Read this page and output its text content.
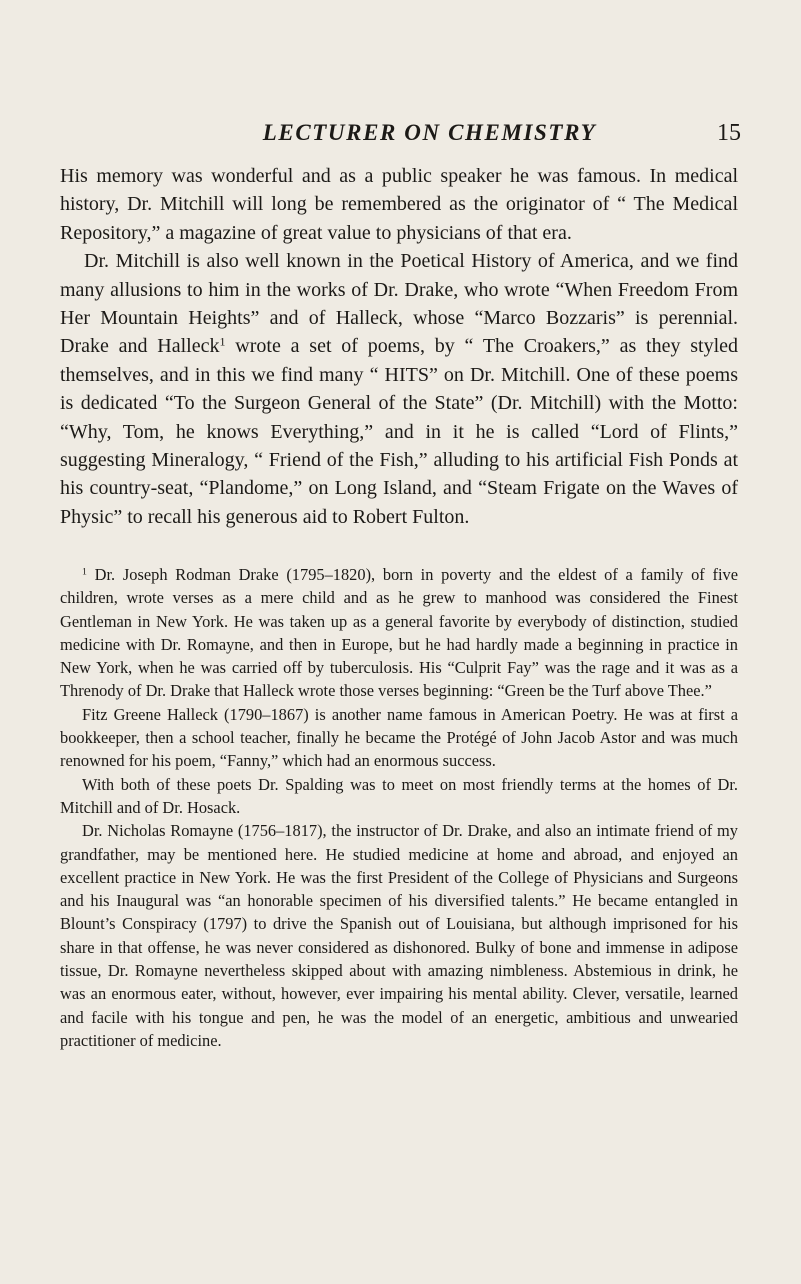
LECTURER ON CHEMISTRY	15

His memory was wonderful and as a public speaker he was famous. In medical history, Dr. Mitchill will long be remembered as the originator of “ The Medical Repository,” a magazine of great value to physicians of that era.

Dr. Mitchill is also well known in the Poetical History of America, and we find many allusions to him in the works of Dr. Drake, who wrote “When Freedom From Her Mountain Heights” and of Halleck, whose “Marco Bozzaris” is perennial. Drake and Halleck$^1$ wrote a set of poems, by “ The Croakers,” as they styled themselves, and in this we find many “ HITS” on Dr. Mitchill. One of these poems is dedicated “To the Surgeon General of the State” (Dr. Mitchill) with the Motto: “Why, Tom, he knows Everything,” and in it he is called “Lord of Flints,” suggesting Mineralogy, “ Friend of the Fish,” alluding to his artificial Fish Ponds at his country-seat, “Plandome,” on Long Island, and “Steam Frigate on the Waves of Physic” to recall his generous aid to Robert Fulton.

$^1$ Dr. Joseph Rodman Drake (1795–1820), born in poverty and the eldest of a family of five children, wrote verses as a mere child and as he grew to manhood was considered the Finest Gentleman in New York. He was taken up as a general favorite by everybody of distinction, studied medicine with Dr. Romayne, and then in Europe, but he had hardly made a beginning in practice in New York, when he was carried off by tuberculosis. His “Culprit Fay” was the rage and it was as a Threnody of Dr. Drake that Halleck wrote those verses beginning: “Green be the Turf above Thee.”

Fitz Greene Halleck (1790–1867) is another name famous in American Poetry. He was at first a bookkeeper, then a school teacher, finally he became the Protégé of John Jacob Astor and was much renowned for his poem, “Fanny,” which had an enormous success.

With both of these poets Dr. Spalding was to meet on most friendly terms at the homes of Dr. Mitchill and of Dr. Hosack.

Dr. Nicholas Romayne (1756–1817), the instructor of Dr. Drake, and also an intimate friend of my grandfather, may be mentioned here. He studied medicine at home and abroad, and enjoyed an excellent practice in New York. He was the first President of the College of Physicians and Surgeons and his Inaugural was “an honorable specimen of his diversified talents.” He became entangled in Blount’s Conspiracy (1797) to drive the Spanish out of Louisiana, but although imprisoned for his share in that offense, he was never considered as dishonored. Bulky of bone and immense in adipose tissue, Dr. Romayne nevertheless skipped about with amazing nimbleness. Abstemious in drink, he was an enormous eater, without, however, ever impairing his mental ability. Clever, versatile, learned and facile with his tongue and pen, he was the model of an energetic, ambitious and unwearied practitioner of medicine.
